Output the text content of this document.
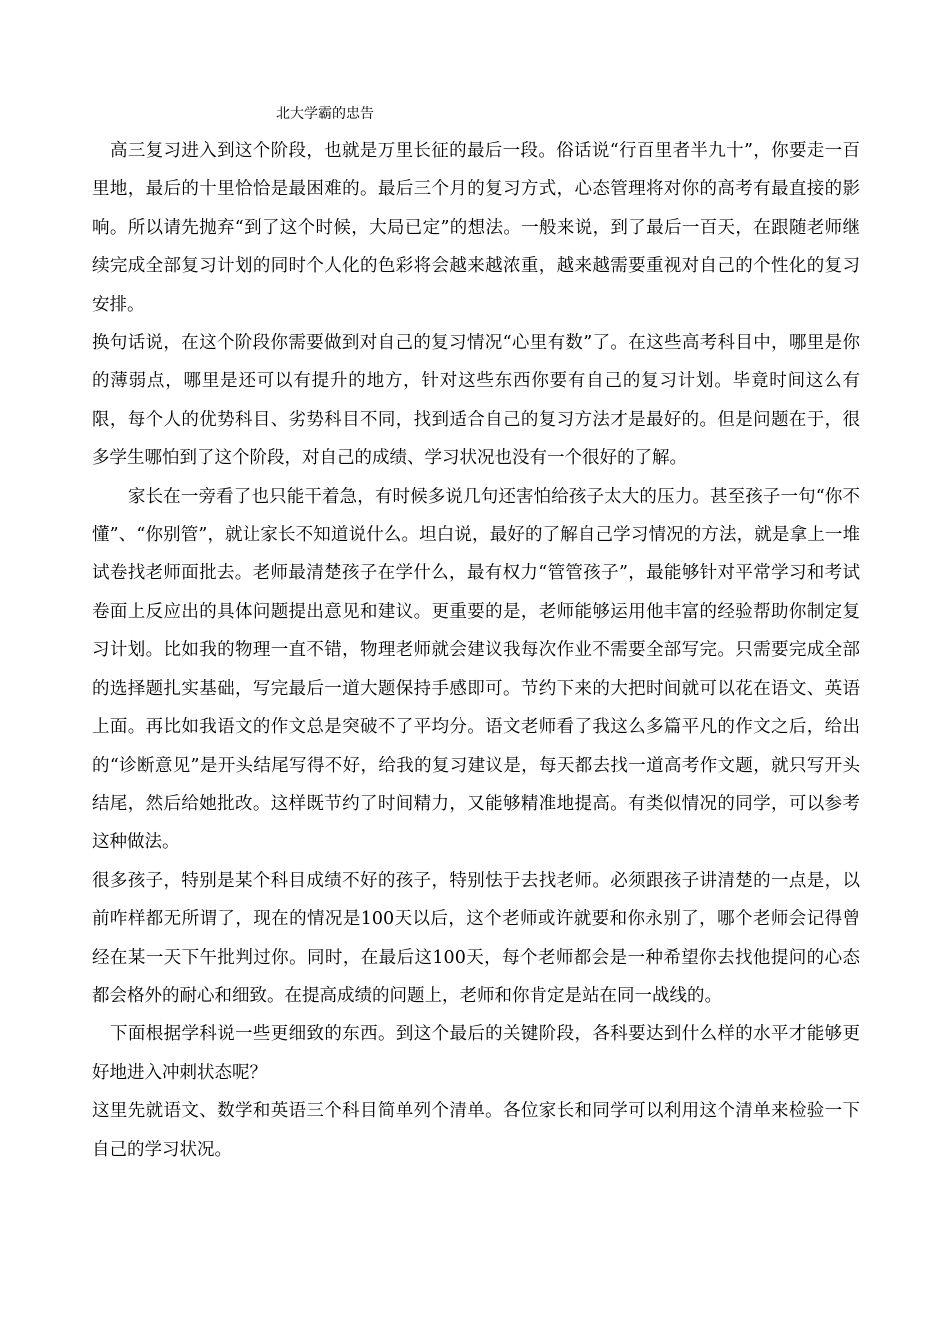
北大学霸的忠告

高三复习进入到这个阶段，也就是万里长征的最后一段。俗话说“行百里者半九十”，你要走一百里地，最后的十里恰恰是最困难的。最后三个月的复习方式，心态管理将对你的高考有最直接的影响。所以请先抛弃“到了这个时候，大局已定”的想法。一般来说，到了最后一百天，在跟随老师继续完成全部复习计划的同时个人化的色彩将会越来越浓重，越来越需要重视对自己的个性化的复习安排。

换句话说，在这个阶段你需要做到对自己的复习情况“心里有数”了。在这些高考科目中，哪里是你的薄弱点，哪里是还可以有提升的地方，针对这些东西你要有自己的复习计划。毕竟时间这么有限，每个人的优势科目、劣势科目不同，找到适合自己的复习方法才是最好的。但是问题在于，很多学生哪怕到了这个阶段，对自己的成绩、学习状况也没有一个很好的了解。

家长在一旁看了也只能干着急，有时候多说几句还害怕给孩子太大的压力。甚至孩子一句“你不懂”、“你别管”，就让家长不知道说什么。坦白说，最好的了解自己学习情况的方法，就是拿上一堆试卷找老师面批去。老师最清楚孩子在学什么，最有权力“管管孩子”，最能够针对平常学习和考试卷面上反应出的具体问题提出意见和建议。更重要的是，老师能够运用他丰富的经验帮助你制定复习计划。比如我的物理一直不错，物理老师就会建议我每次作业不需要全部写完。只需要完成全部的选择题扎实基础，写完最后一道大题保持手感即可。节约下来的大把时间就可以花在语文、英语上面。再比如我语文的作文总是突破不了平均分。语文老师看了我这么多篇平凡的作文之后，给出的“诊断意见”是开头结尾写得不好，给我的复习建议是，每天都去找一道高考作文题，就只写开头结尾，然后给她批改。这样既节约了时间精力，又能够精准地提高。有类似情况的同学，可以参考这种做法。

很多孩子，特别是某个科目成绩不好的孩子，特别怯于去找老师。必须跟孩子讲清楚的一点是，以前咋样都无所谓了，现在的情况是100天以后，这个老师或许就要和你永别了，哪个老师会记得曾经在某一天下午批判过你。同时，在最后这100天，每个老师都会是一种希望你去找他提问的心态都会格外的耐心和细致。在提高成绩的问题上，老师和你肯定是站在同一战线的。

下面根据学科说一些更细致的东西。到这个最后的关键阶段，各科要达到什么样的水平才能够更好地进入冲刺状态呢？

这里先就语文、数学和英语三个科目简单列个清单。各位家长和同学可以利用这个清单来检验一下自己的学习状况。
